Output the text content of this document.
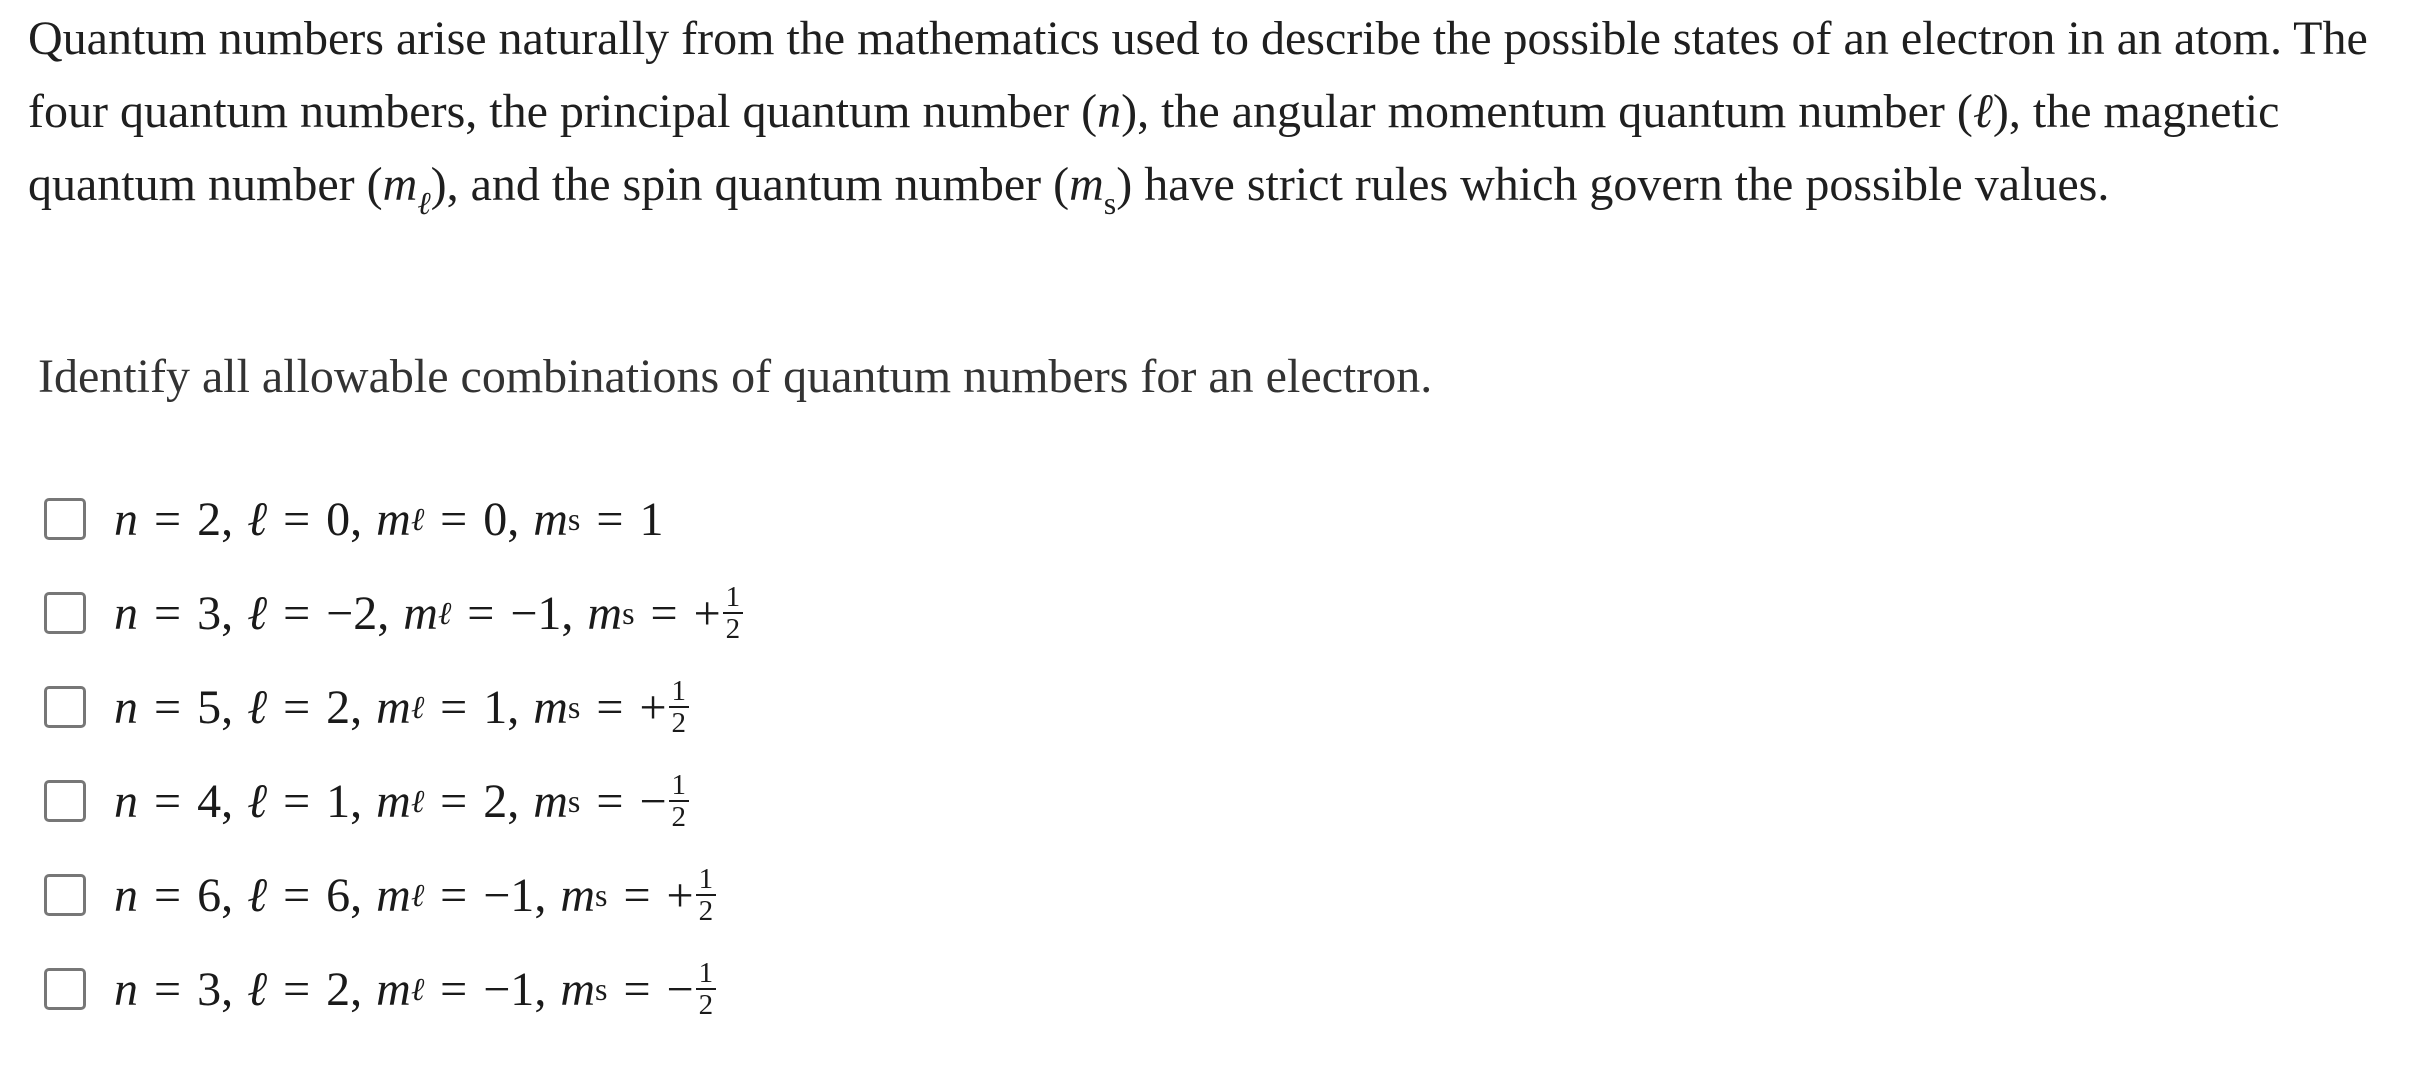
Quantum numbers arise naturally from the mathematics used to describe the possible states of an electron in an atom. The four quantum numbers, the principal quantum number (n), the angular momentum quantum number (ℓ), the magnetic quantum number $(m_\ell)$, and the spin quantum number $(m_s)$ have strict rules which govern the possible values.
Identify all allowable combinations of quantum numbers for an electron.
n = 2 , ℓ = 0 , m ℓ = 0 , m s = 1
n = 3 , ℓ = −2 , m ℓ = −1 , m s = + $\frac{1}{2}$
n = 5 , ℓ = 2 , m ℓ = 1 , m s = + $\frac{1}{2}$
n = 4 , ℓ = 1 , m ℓ = 2 , m s = − $\frac{1}{2}$
n = 6 , ℓ = 6 , m ℓ = −1 , m s = + $\frac{1}{2}$
n = 3 , ℓ = 2 , m ℓ = −1 , m s = − $\frac{1}{2}$
